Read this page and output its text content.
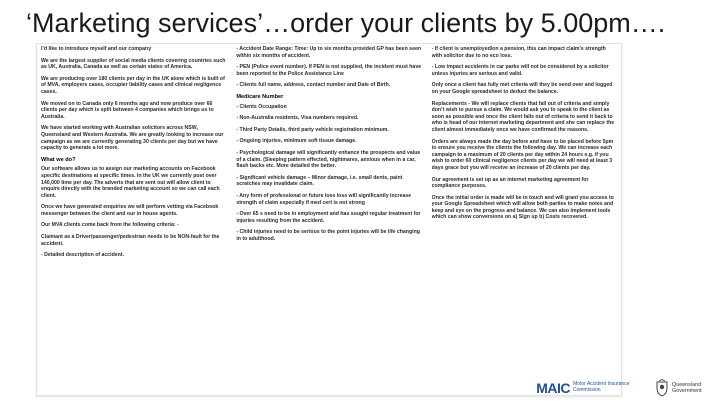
‘Marketing services’…order your clients by 5.00pm….

I’d like to introduce myself and our company

We are the largest supplier of social media clients covering countries such as UK, Australia, Canada as well as certain states of America.

We are producing over 180 clients per day in the UK alone which is built of of MVA, employers cases, occupier liability cases and clinical negligence cases.

We moved on to Canada only 6 months ago and now produce over 66 clients per day which is split between 4 companies which brings us to Australia.

We have started working with Australian solicitors across NSW, Queensland and Western Australia. We are greatly looking to increase our campaign as we are currently generating 30 clients per day but we have capacity to generate a lot more.

What we do?

Our software allows us to assign our marketing accounts on Facebook specific destinations at specific times. In the UK we currently post over 140,000 time per day. The adverts that are sent out will allow client to enquire directly with the branded marketing account so we can call each client.

Once we have generated enquiries we will perform vetting via Facebook messenger between the client and our in house agents.

Our MVA clients come back from the following criteria: -

Claimant as a Driver/passenger/pedestrian needs to be NON-fault for the accident.

- Detailed description of accident.

- Accident Date Range: Time: Up to six months provided GP has been seen within six months of accident.

- PEN (Police event number). If PEN is not supplied, the incident must have been reported to the Police Assistance Line

- Clients full name, address, contact number and Date of Birth.

Medicare Number

- Clients Occupation

- Non-Australia residents, Visa numbers required.

- Third Party Details, third party vehicle registration minimum.

- Ongoing injuries, minimum soft tissue damage.

- Psychological damage will significantly enhance the prospects and value of a claim. (Sleeping pattern effected, nightmares, anxious when in a car, flash backs etc. More detailed the better.

- Significant vehicle damage – Minor damage, i.e. small dents, paint scratches may invalidate claim.

- Any form of professional or future loss loss will significantly increase strength of claim especially if med cert is not strong

- Over 65 s need to be in employment and has sought regular treatment for injuries resulting from the accident.

- Child injuries need to be serious to the point injuries will be life changing in to adulthood.

- If client is unemployed/on a pension, this can impact claim’s strength with solicitor due to no eco loss.

- Low impact accidents in car parks will not be considered by a solicitor unless injuries are serious and valid.

Only once a client has fully met criteria will they be send over and logged on your Google spreadsheet to deduct the balance.

Replacements - We will replace clients that fall out of criteria and simply don’t wish to pursue a claim. We would ask you to speak to the client as soon as possible and once the client falls out of criteria to send it back to who is head of our internet marketing department and she can replace the client almost immediately once we have confirmed the reasons.

Orders are always made the day before and have to be placed before 5pm to ensure you receive the clients the following day. We can increase each campaign to a maximum of 20 clients per day within 24 hours e.g. if you wish to order 60 clinical negligence clients per day we will need at least 3 days grace but you will receive an increase of 20 clients per day.

Our agreement is set up as an internet marketing agreement for compliance purposes.

Once the initial order is made will be in touch and will grant you access to your Google Spreadsheet which will allow both parties to make notes and keep and eye on the progress and balance. We can also implement tools which can show conversions on a) Sign up b) Costs recovered.

MAIC Motor Accident Insurance Commission
Queensland Government
